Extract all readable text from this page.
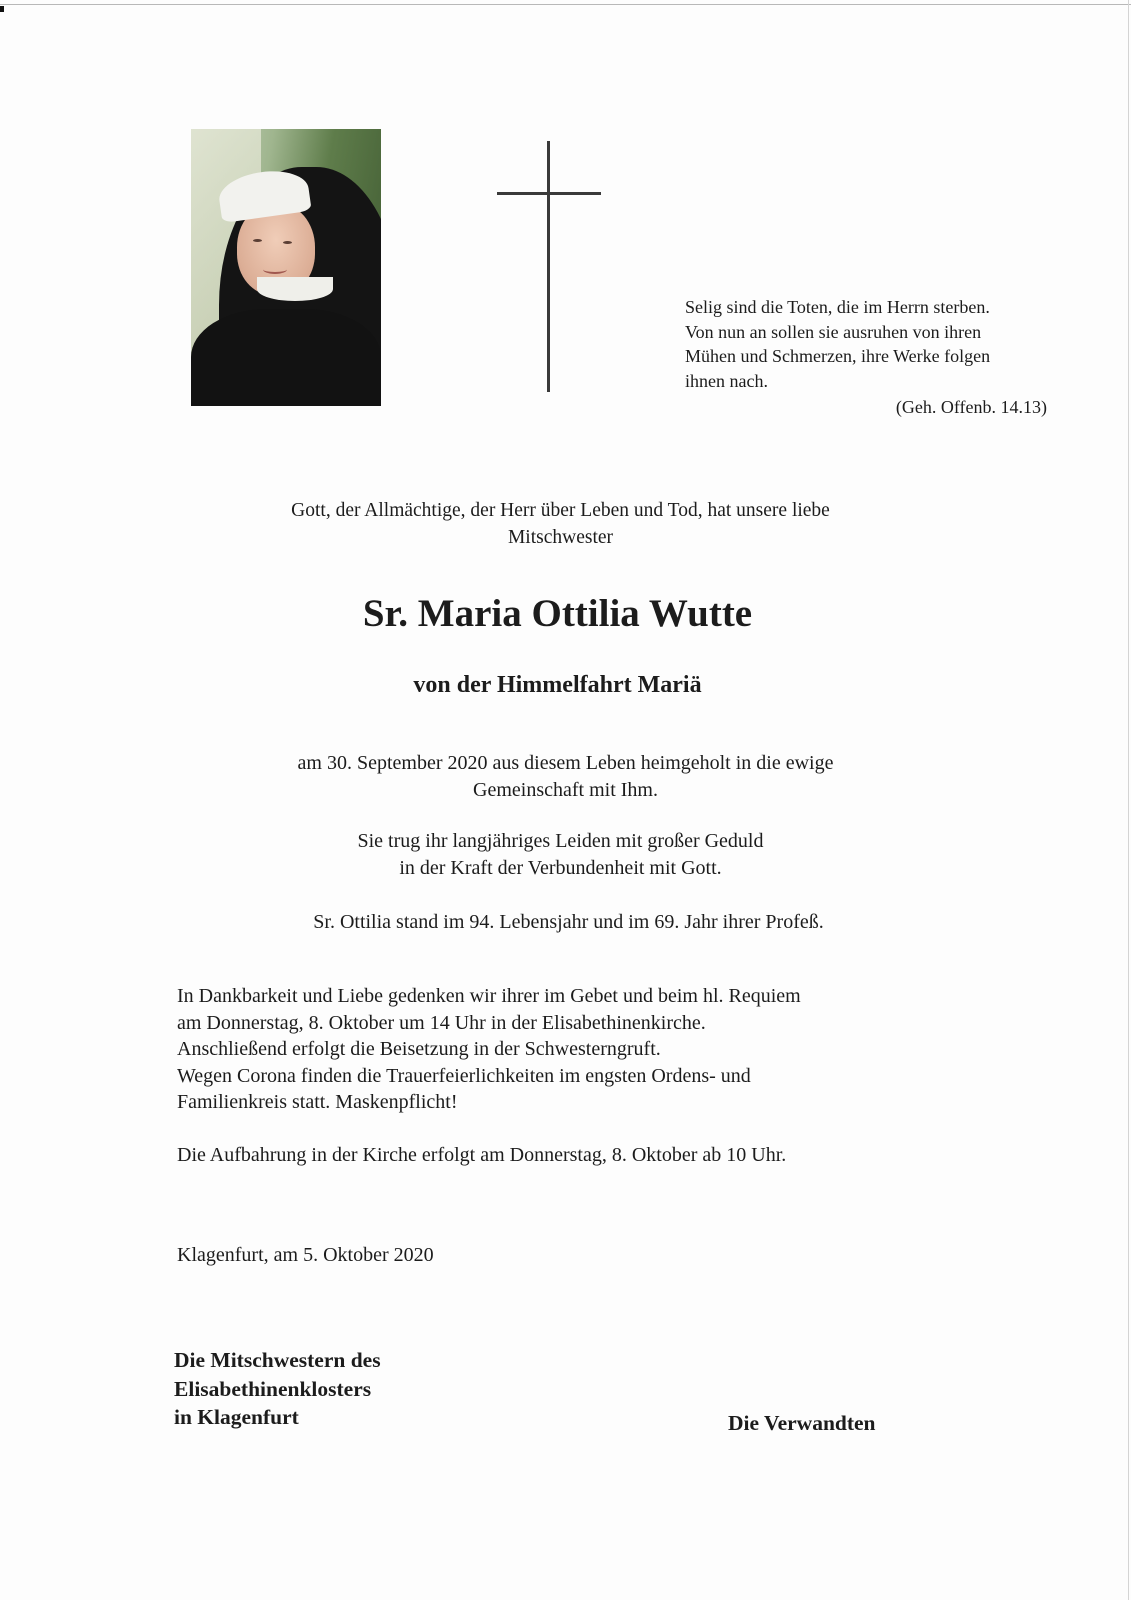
Selig sind die Toten, die im Herrn sterben.
Von nun an sollen sie ausruhen von ihren
Mühen und Schmerzen, ihre Werke folgen
ihnen nach.
(Geh. Offenb. 14.13)
Gott, der Allmächtige, der Herr über Leben und Tod, hat unsere liebe
Mitschwester
Sr. Maria Ottilia Wutte
von der Himmelfahrt Mariä
am 30. September 2020 aus diesem Leben heimgeholt in die ewige
Gemeinschaft mit Ihm.
Sie trug ihr langjähriges Leiden mit großer Geduld
in der Kraft der Verbundenheit mit Gott.
Sr. Ottilia stand im 94. Lebensjahr und im 69. Jahr ihrer Profeß.
In Dankbarkeit und Liebe gedenken wir ihrer im Gebet und beim hl. Requiem
am Donnerstag, 8. Oktober um 14 Uhr in der Elisabethinenkirche.
Anschließend erfolgt die Beisetzung in der Schwesterngruft.
Wegen Corona finden die Trauerfeierlichkeiten im engsten Ordens- und
Familienkreis statt. Maskenpflicht!
Die Aufbahrung in der Kirche erfolgt am Donnerstag, 8. Oktober ab 10 Uhr.
Klagenfurt, am 5. Oktober 2020
Die Mitschwestern des
Elisabethinenklosters
in Klagenfurt	Die Verwandten
